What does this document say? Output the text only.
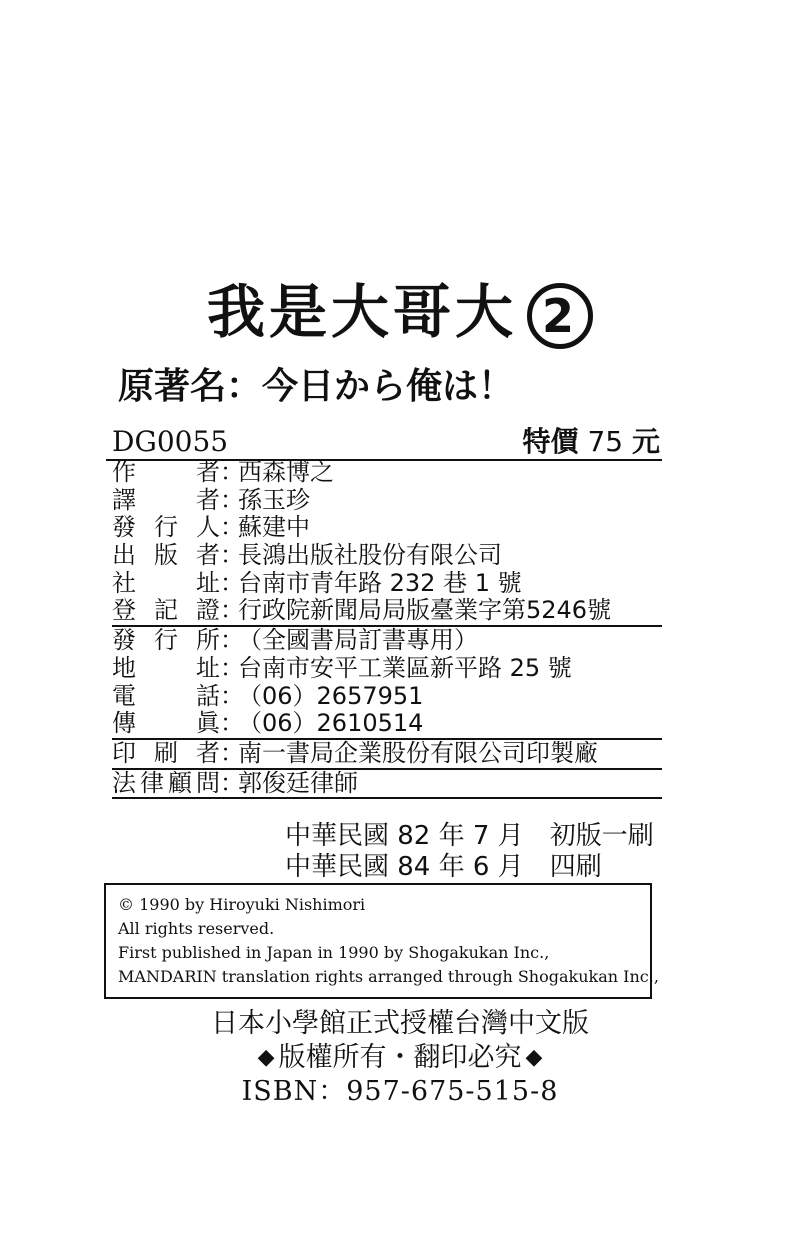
我是大哥大 2
原著名：今日から俺は！
DG0055	特價 75 元
作者：西森博之
譯者：孫玉珍
發行人：蘇建中
出版者：長鴻出版社股份有限公司
社址：台南市青年路 232 巷 1 號
登記證：行政院新聞局局版臺業字第5246號
發行所：（全國書局訂書專用）
地址：台南市安平工業區新平路 25 號
電話：（06）2657951
傳眞：（06）2610514
印刷者：南一書局企業股份有限公司印製廠
法律顧問：郭俊廷律師
中華民國 82 年 7 月 初版一刷
中華民國 84 年 6 月 四刷
© 1990 by Hiroyuki Nishimori
All rights reserved.
First published in Japan in 1990 by Shogakukan Inc.,
MANDARIN translation rights arranged through Shogakukan Inc.,
日本小學館正式授權台灣中文版
◆ 版權所有・翻印必究 ◆
ISBN：957-675-515-8
